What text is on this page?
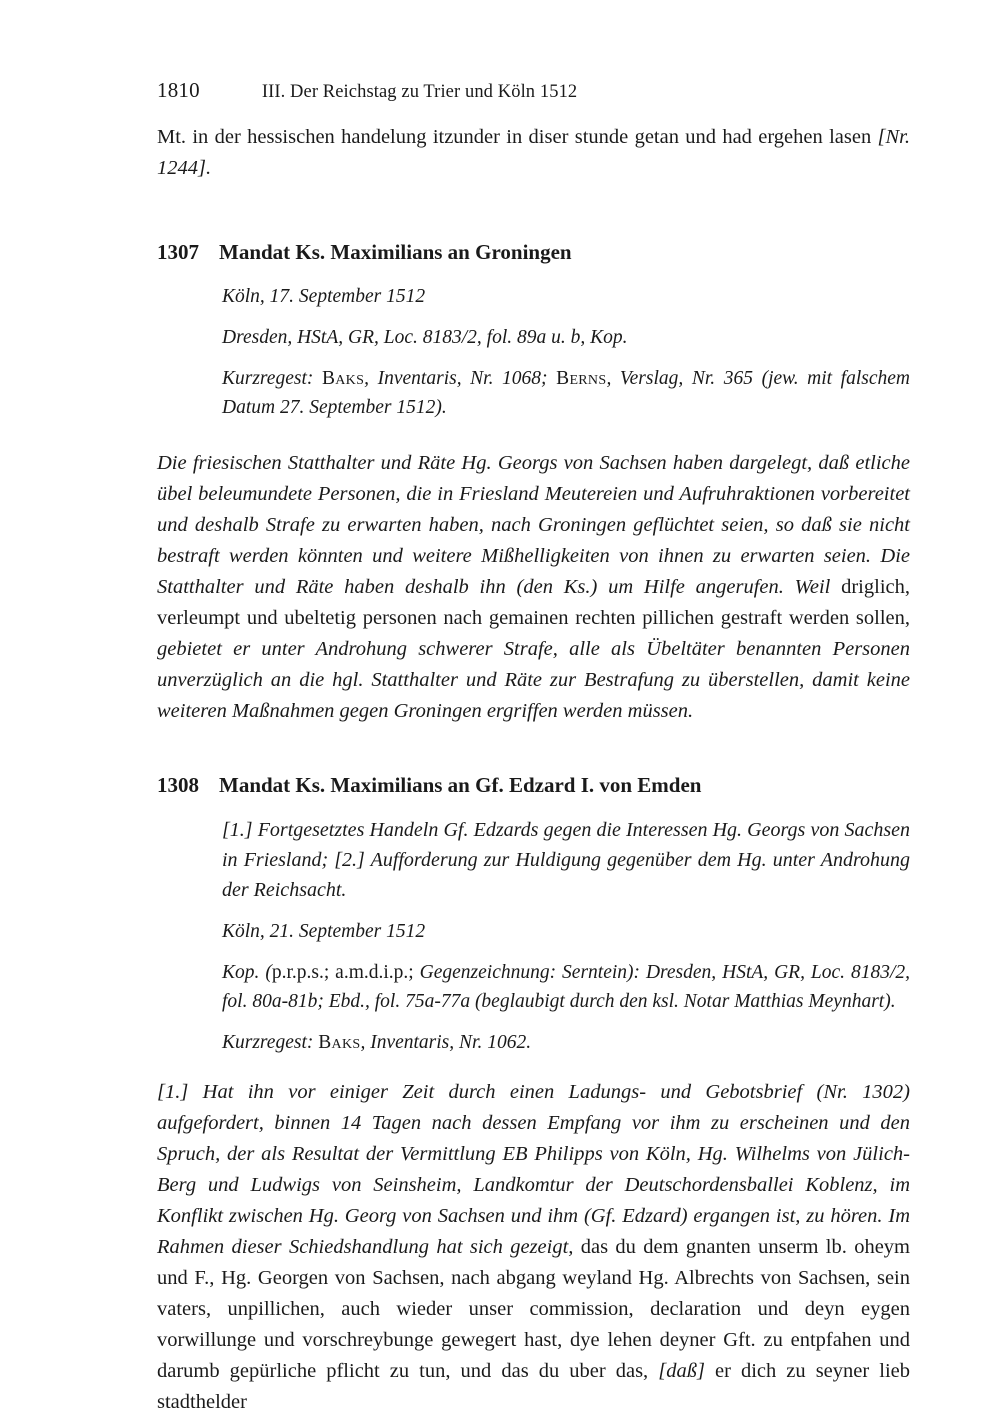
1810	III. Der Reichstag zu Trier und Köln 1512

Mt. in der hessischen handelung itzunder in diser stunde getan und had ergehen lasen [Nr. 1244].

1307 Mandat Ks. Maximilians an Groningen
Köln, 17. September 1512
Dresden, HStA, GR, Loc. 8183/2, fol. 89a u. b, Kop.
Kurzregest: Baks, Inventaris, Nr. 1068; Berns, Verslag, Nr. 365 (jew. mit falschem Datum 27. September 1512).

Die friesischen Statthalter und Räte Hg. Georgs von Sachsen haben dargelegt, daß etliche übel beleumundete Personen, die in Friesland Meutereien und Aufruhraktionen vorbereitet und deshalb Strafe zu erwarten haben, nach Groningen geflüchtet seien, so daß sie nicht bestraft werden könnten und weitere Mißhelligkeiten von ihnen zu erwarten seien. Die Statthalter und Räte haben deshalb ihn (den Ks.) um Hilfe angerufen. Weil driglich, verleumpt und ubeltetig personen nach gemainen rechten pillichen gestraft werden sollen, gebietet er unter Androhung schwerer Strafe, alle als Übeltäter benannten Personen unverzüglich an die hgl. Statthalter und Räte zur Bestrafung zu überstellen, damit keine weiteren Maßnahmen gegen Groningen ergriffen werden müssen.

1308 Mandat Ks. Maximilians an Gf. Edzard I. von Emden
[1.] Fortgesetztes Handeln Gf. Edzards gegen die Interessen Hg. Georgs von Sachsen in Friesland; [2.] Aufforderung zur Huldigung gegenüber dem Hg. unter Androhung der Reichsacht.
Köln, 21. September 1512
Kop. (p.r.p.s.; a.m.d.i.p.; Gegenzeichnung: Serntein): Dresden, HStA, GR, Loc. 8183/2, fol. 80a-81b; Ebd., fol. 75a-77a (beglaubigt durch den ksl. Notar Matthias Meynhart).
Kurzregest: Baks, Inventaris, Nr. 1062.

[1.] Hat ihn vor einiger Zeit durch einen Ladungs- und Gebotsbrief (Nr. 1302) aufgefordert, binnen 14 Tagen nach dessen Empfang vor ihm zu erscheinen und den Spruch, der als Resultat der Vermittlung EB Philipps von Köln, Hg. Wilhelms von Jülich-Berg und Ludwigs von Seinsheim, Landkomtur der Deutschordensballei Koblenz, im Konflikt zwischen Hg. Georg von Sachsen und ihm (Gf. Edzard) ergangen ist, zu hören. Im Rahmen dieser Schiedshandlung hat sich gezeigt, das du dem gnanten unserm lb. oheym und F., Hg. Georgen von Sachsen, nach abgang weyland Hg. Albrechts von Sachsen, sein vaters, unpillichen, auch wieder unser commission, declaration und deyn eygen vorwillunge und vorschreybunge gewegert hast, dye lehen deyner Gft. zu entpfahen und darumb gepürliche pflicht zu tun, und das du uber das, [daß] er dich zu seyner lieb stadthelder
